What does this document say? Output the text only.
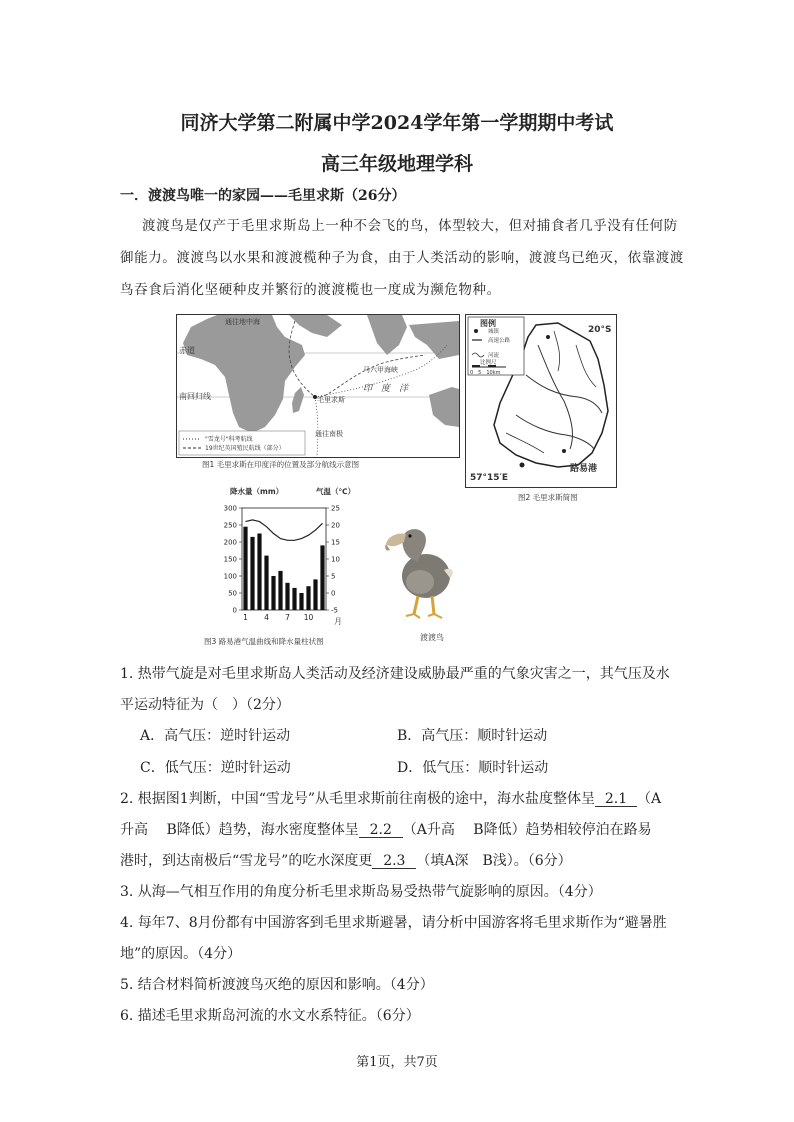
同济大学第二附属中学2024学年第一学期期中考试
高三年级地理学科
一．渡渡鸟唯一的家园——毛里求斯（26分）
渡渡鸟是仅产于毛里求斯岛上一种不会飞的鸟，体型较大，但对捕食者几乎没有任何防
御能力。渡渡鸟以水果和渡渡榄种子为食，由于人类活动的影响，渡渡鸟已绝灭，依靠渡渡
鸟吞食后消化坚硬种皮并繁衍的渡渡榄也一度成为濒危物种。
通往地中海
赤道
南回归线
印　度　洋
马六甲海峡
毛里求斯
通往南极
"雪龙号"科考航线
19世纪英国殖民航线（部分）
图1 毛里求斯在印度洋的位置及部分航线示意图
图例
城镇
高速公路
河流
比例尺
0　5　10km
20°S
57°15′E
路易港
图2 毛里求斯简图
0
50
100
150
200
250
300
-5
0
5
10
15
20
25
1 4 7 10
降水量（mm）	气温（℃）
月
图3 路易港气温曲线和降水量柱状图	渡渡鸟
1. 热带气旋是对毛里求斯岛人类活动及经济建设威胁最严重的气象灾害之一，其气压及水
平运动特征为（　）（2分）
A．高气压：逆时针运动	B．高气压：顺时针运动
C．低气压：逆时针运动	D．低气压：顺时针运动
2. 根据图1判断，中国“雪龙号”从毛里求斯前往南极的途中，海水盐度整体呈 2.1 （A
升高　 B降低）趋势，海水密度整体呈 2.2 （A升高　 B降低）趋势相较停泊在路易
港时，到达南极后“雪龙号”的吃水深度更 2.3 （填A深　B浅）。（6分）
3. 从海—气相互作用的角度分析毛里求斯岛易受热带气旋影响的原因。（4分）
4. 每年7、8月份都有中国游客到毛里求斯避暑，请分析中国游客将毛里求斯作为“避暑胜
地”的原因。（4分）
5. 结合材料简析渡渡鸟灭绝的原因和影响。（4分）
6. 描述毛里求斯岛河流的水文水系特征。（6分）
第1页，共7页
